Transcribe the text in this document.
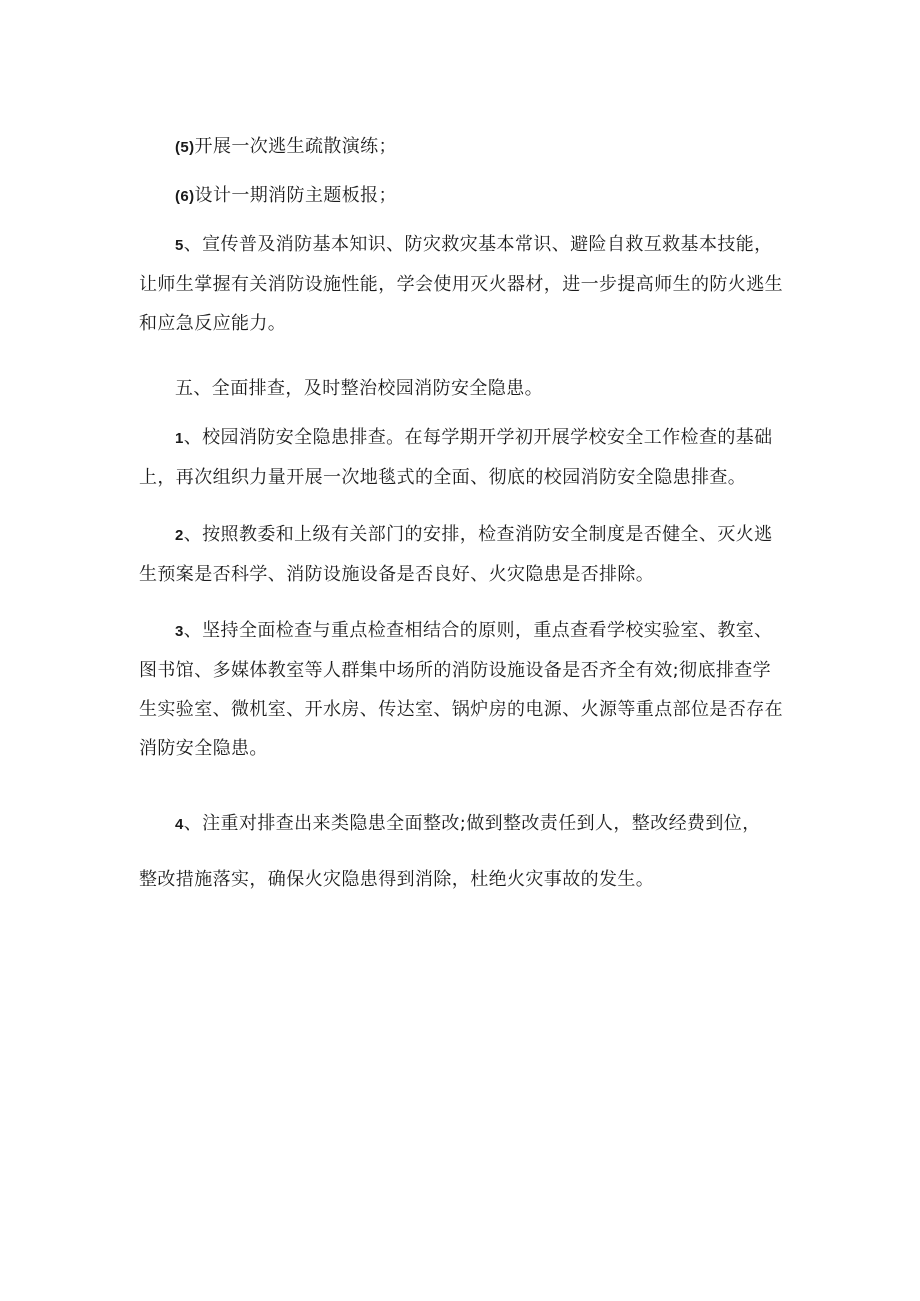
(5)开展一次逃生疏散演练；

(6)设计一期消防主题板报；

5、宣传普及消防基本知识、防灾救灾基本常识、避险自救互救基本技能，
让师生掌握有关消防设施性能，学会使用灭火器材，进一步提高师生的防火逃生
和应急反应能力。

五、全面排查，及时整治校园消防安全隐患。

1、校园消防安全隐患排查。在每学期开学初开展学校安全工作检查的基础
上，再次组织力量开展一次地毯式的全面、彻底的校园消防安全隐患排查。

2、按照教委和上级有关部门的安排，检查消防安全制度是否健全、灭火逃
生预案是否科学、消防设施设备是否良好、火灾隐患是否排除。

3、坚持全面检查与重点检查相结合的原则，重点查看学校实验室、教室、
图书馆、多媒体教室等人群集中场所的消防设施设备是否齐全有效;彻底排查学
生实验室、微机室、开水房、传达室、锅炉房的电源、火源等重点部位是否存在
消防安全隐患。

4、注重对排查出来类隐患全面整改;做到整改责任到人，整改经费到位，

整改措施落实，确保火灾隐患得到消除，杜绝火灾事故的发生。
